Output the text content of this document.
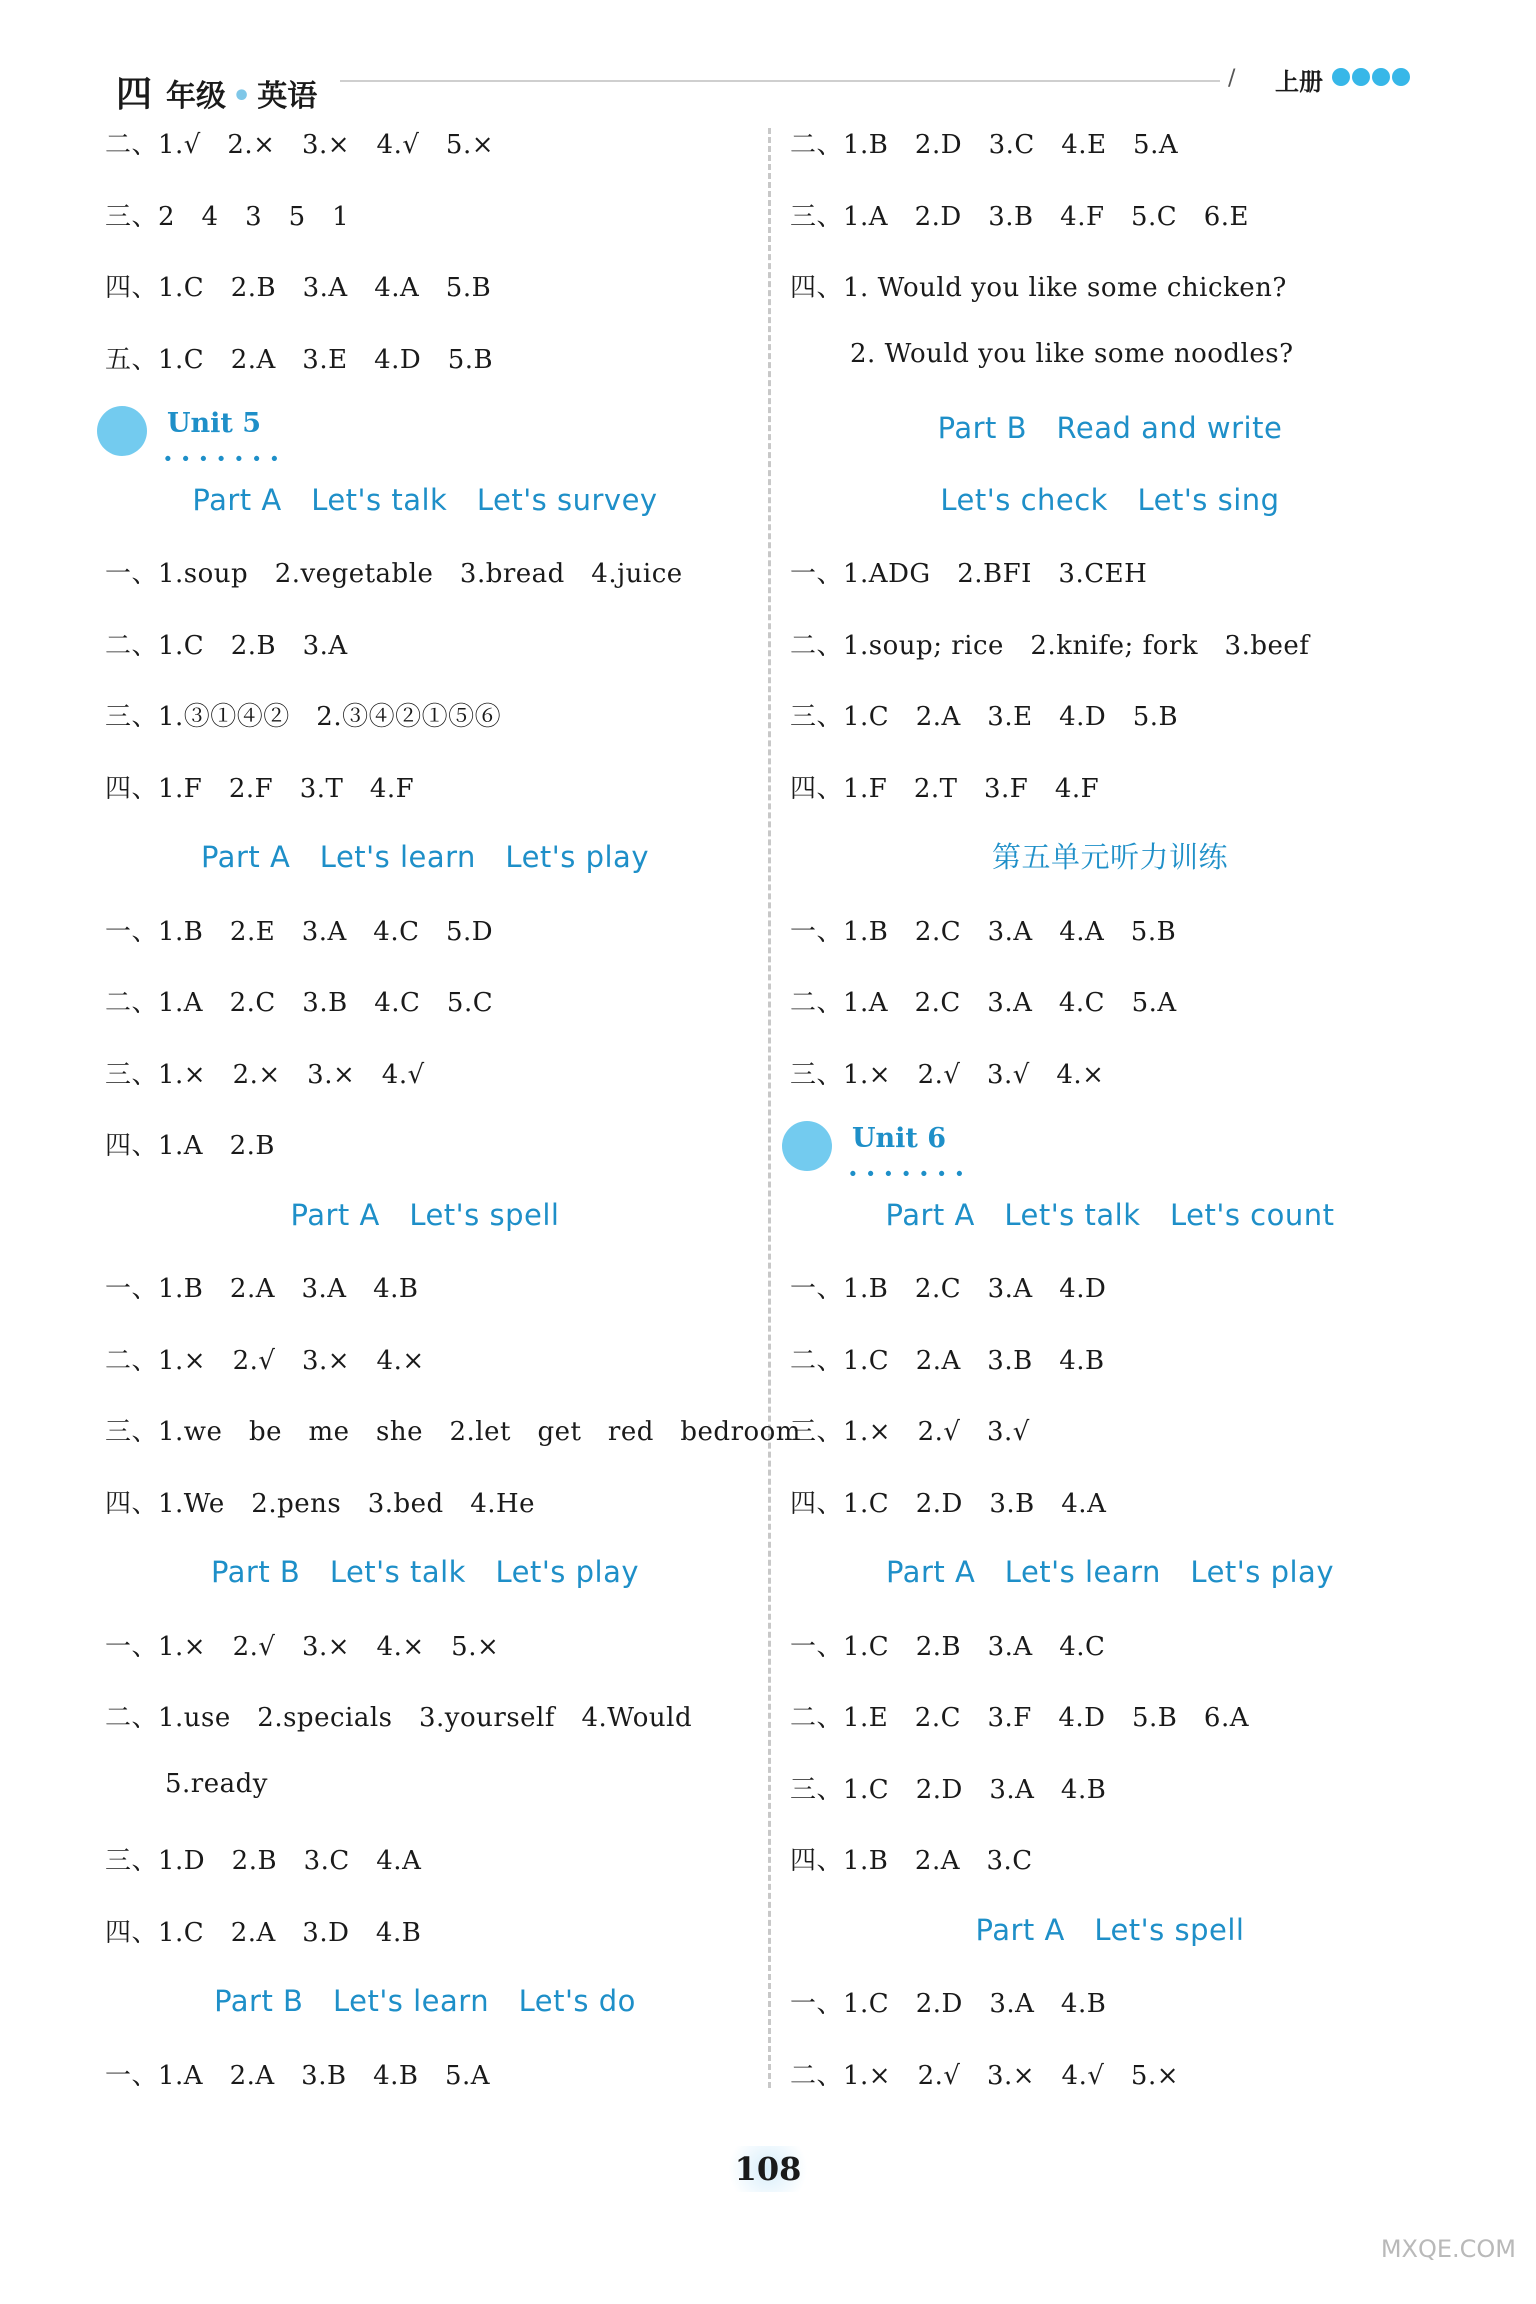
四 年级 • 英语
/ 上册
二、1.√　2.×　3.×　4.√　5.×
三、2　4　3　5　1
四、1.C　2.B　3.A　4.A　5.B
五、1.C　2.A　3.E　4.D　5.B
Unit 5
·······
Part A　Let's talk　Let's survey
一、1.soup　2.vegetable　3.bread　4.juice
二、1.C　2.B　3.A
三、1.③①④②　2.③④②①⑤⑥
四、1.F　2.F　3.T　4.F
Part A　Let's learn　Let's play
一、1.B　2.E　3.A　4.C　5.D
二、1.A　2.C　3.B　4.C　5.C
三、1.×　2.×　3.×　4.√
四、1.A　2.B
Part A　Let's spell
一、1.B　2.A　3.A　4.B
二、1.×　2.√　3.×　4.×
三、1.we　be　me　she　2.let　get　red　bedroom
四、1.We　2.pens　3.bed　4.He
Part B　Let's talk　Let's play
一、1.×　2.√　3.×　4.×　5.×
二、1.use　2.specials　3.yourself　4.Would
5.ready
三、1.D　2.B　3.C　4.A
四、1.C　2.A　3.D　4.B
Part B　Let's learn　Let's do
一、1.A　2.A　3.B　4.B　5.A
二、1.B　2.D　3.C　4.E　5.A
三、1.A　2.D　3.B　4.F　5.C　6.E
四、1. Would you like some chicken?
2. Would you like some noodles?
Part B　Read and write
Let's check　Let's sing
一、1.ADG　2.BFI　3.CEH
二、1.soup; rice　2.knife; fork　3.beef
三、1.C　2.A　3.E　4.D　5.B
四、1.F　2.T　3.F　4.F
第五单元听力训练
一、1.B　2.C　3.A　4.A　5.B
二、1.A　2.C　3.A　4.C　5.A
三、1.×　2.√　3.√　4.×
Unit 6
·······
Part A　Let's talk　Let's count
一、1.B　2.C　3.A　4.D
二、1.C　2.A　3.B　4.B
三、1.×　2.√　3.√
四、1.C　2.D　3.B　4.A
Part A　Let's learn　Let's play
一、1.C　2.B　3.A　4.C
二、1.E　2.C　3.F　4.D　5.B　6.A
三、1.C　2.D　3.A　4.B
四、1.B　2.A　3.C
Part A　Let's spell
一、1.C　2.D　3.A　4.B
二、1.×　2.√　3.×　4.√　5.×
108
MXQE.COM
